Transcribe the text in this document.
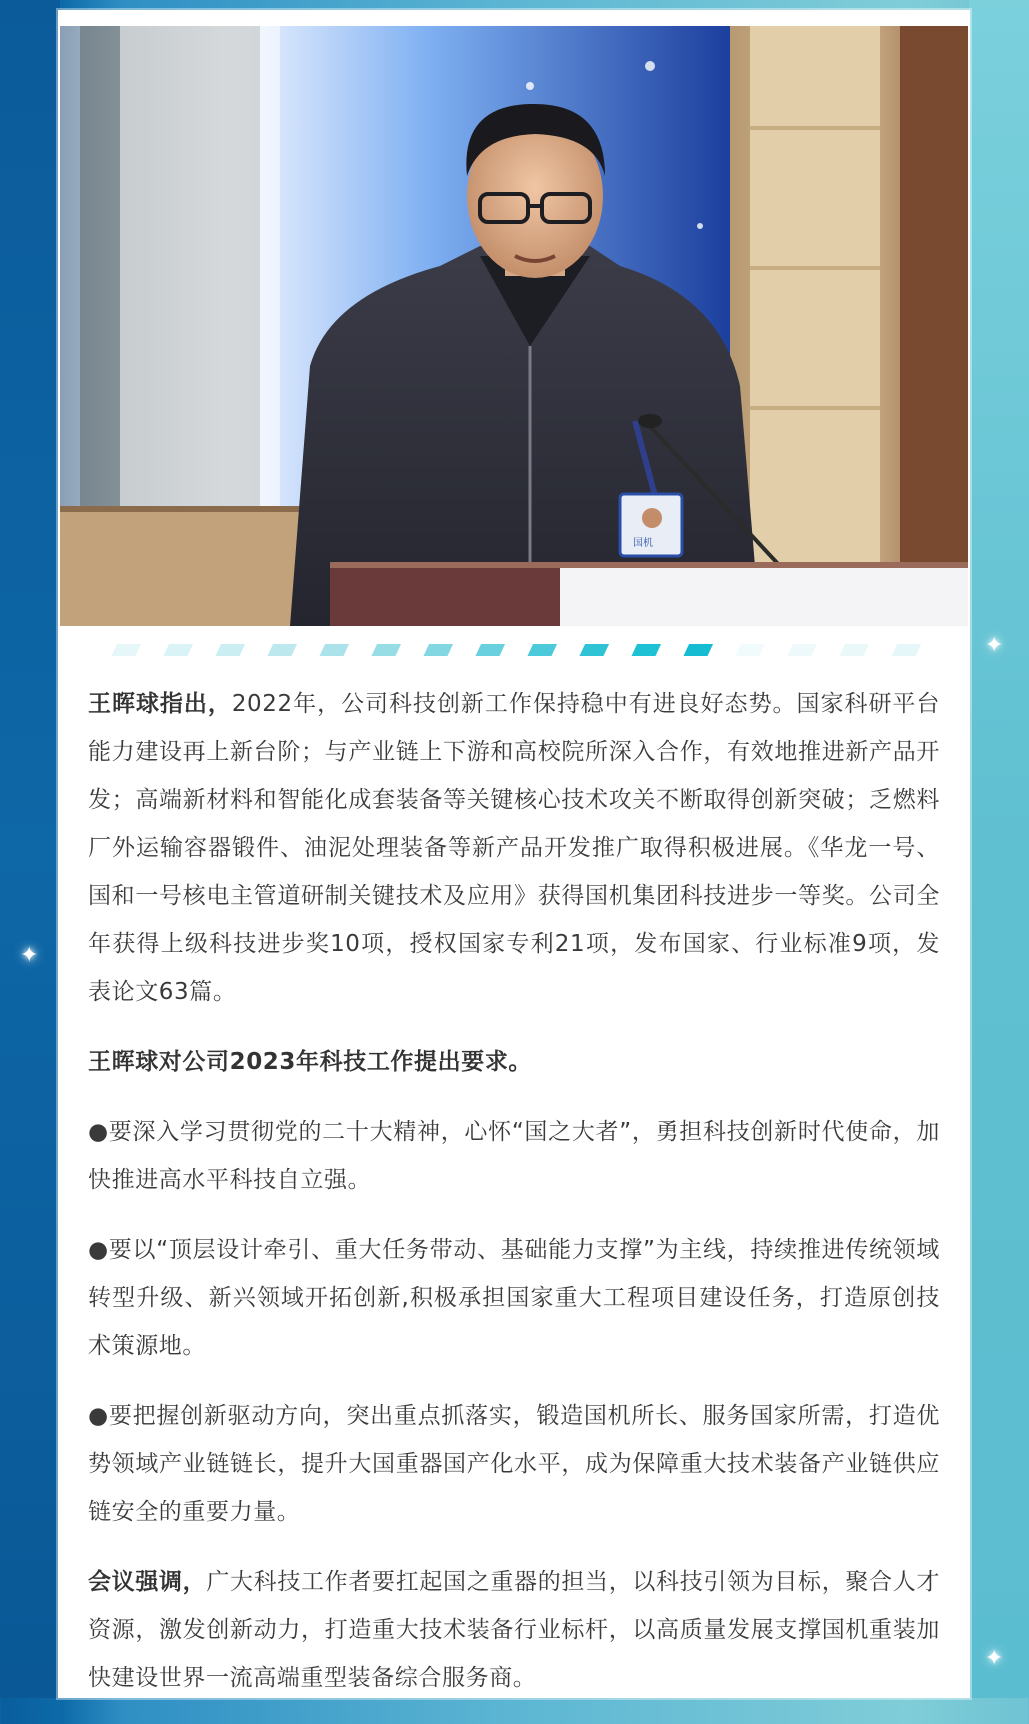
✦
✦
✦
国机

王晖球指出，2022年，公司科技创新工作保持稳中有进良好态势。国家科研平台能力建设再上新台阶；与产业链上下游和高校院所深入合作，有效地推进新产品开发；高端新材料和智能化成套装备等关键核心技术攻关不断取得创新突破；乏燃料厂外运输容器锻件、油泥处理装备等新产品开发推广取得积极进展。《华龙一号、国和一号核电主管道研制关键技术及应用》获得国机集团科技进步一等奖。公司全年获得上级科技进步奖10项，授权国家专利21项，发布国家、行业标准9项，发表论文63篇。

王晖球对公司2023年科技工作提出要求。

●要深入学习贯彻党的二十大精神，心怀“国之大者”，勇担科技创新时代使命，加快推进高水平科技自立强。

●要以“顶层设计牵引、重大任务带动、基础能力支撑”为主线，持续推进传统领域转型升级、新兴领域开拓创新,积极承担国家重大工程项目建设任务，打造原创技术策源地。

●要把握创新驱动方向，突出重点抓落实，锻造国机所长、服务国家所需，打造优势领域产业链链长，提升大国重器国产化水平，成为保障重大技术装备产业链供应链安全的重要力量。

会议强调，广大科技工作者要扛起国之重器的担当，以科技引领为目标，聚合人才资源，激发创新动力，打造重大技术装备行业标杆，以高质量发展支撑国机重装加快建设世界一流高端重型装备综合服务商。
